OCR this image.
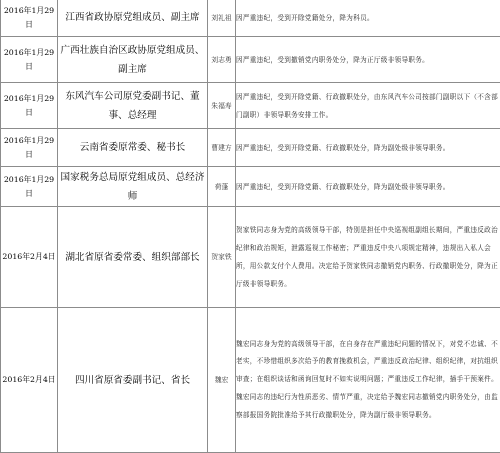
2016年1月29日	江西省政协原党组成员、副主席	刘礼祖	因严重违纪，受到开除党籍处分，降为科员。
2016年1月29日	广西壮族自治区政协原党组成员、副主席	刘志勇	因严重违纪，受到撤销党内职务处分，降为正厅级非领导职务。
2016年1月29日	东风汽车公司原党委副书记、董事、总经理	朱福寿	因严重违纪，受到开除党籍、行政撤职处分，由东风汽车公司按部门副职以下（不含部门副职）非领导职务安排工作。
2016年1月29日	云南省委原常委、秘书长	曹建方	因严重违纪，受到开除党籍、行政撤职处分，降为副处级非领导职务。
2016年1月29日	国家税务总局原党组成员、总经济师	荷蓬	因严重违纪，受到开除党籍、行政撤职处分，降为副处级非领导职务。
2016年2月4日	湖北省原省委常委、组织部部长	贺家铁	贺家铁同志身为党的高级领导干部，特别是担任中央巡视组副组长期间，严重违反政治纪律和政治规矩，泄露巡视工作秘密；严重违反中央八项规定精神，违规出入私人会所，用公款支付个人费用。决定给予贺家铁同志撤销党内职务、行政撤职处分，降为正厅级非领导职务。
2016年2月4日	四川省原省委副书记、省长	魏宏	魏宏同志身为党的高级领导干部，在自身存在严重违纪问题的情况下，对党不忠诚、不老实，不珍惜组织多次给予的教育挽救机会，严重违反政治纪律、组织纪律，对抗组织审查；在组织谈话和函询回复时不如实说明问题；严重违反工作纪律，插手干预案件。魏宏同志的违纪行为性质恶劣、情节严重，决定给予魏宏同志撤销党内职务处分，由监察部报国务院批准给予其行政撤职处分，降为副厅级非领导职务。
